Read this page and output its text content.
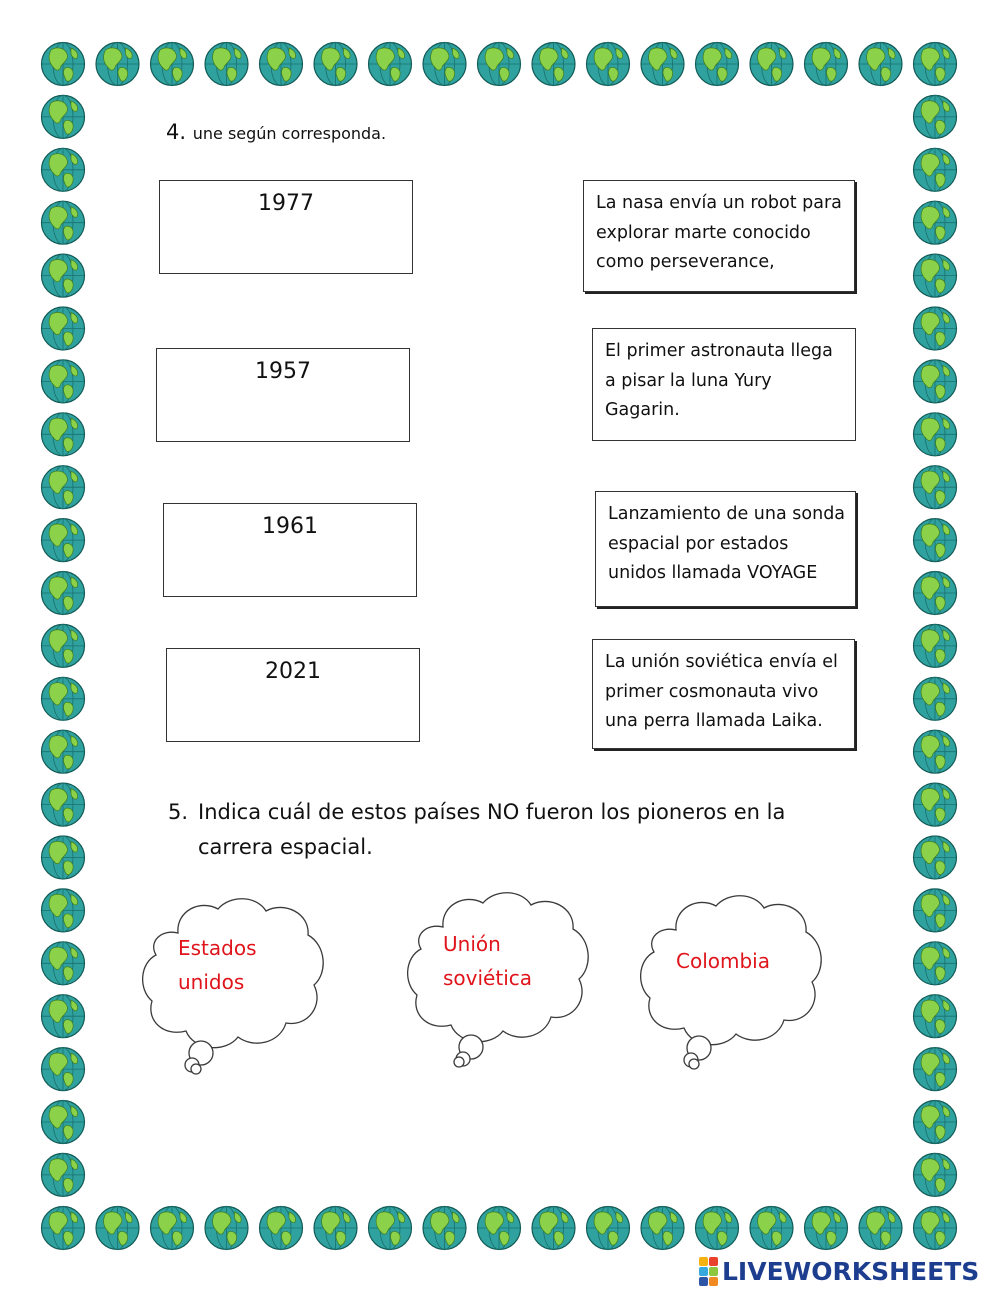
4. une según corresponda.
1977
1957
1961
2021
La nasa envía un robot para
explorar marte conocido
como perseverance,
El primer astronauta llega
a pisar la luna Yury
Gagarin.
Lanzamiento de una sonda
espacial por estados
unidos llamada VOYAGE
La unión soviética envía el
primer cosmonauta vivo
una perra llamada Laika.
5. Indica cuál de estos países NO fueron los pioneros en la
carrera espacial.
Estados
unidos
Unión
soviética
Colombia
LIVEWORKSHEETS
